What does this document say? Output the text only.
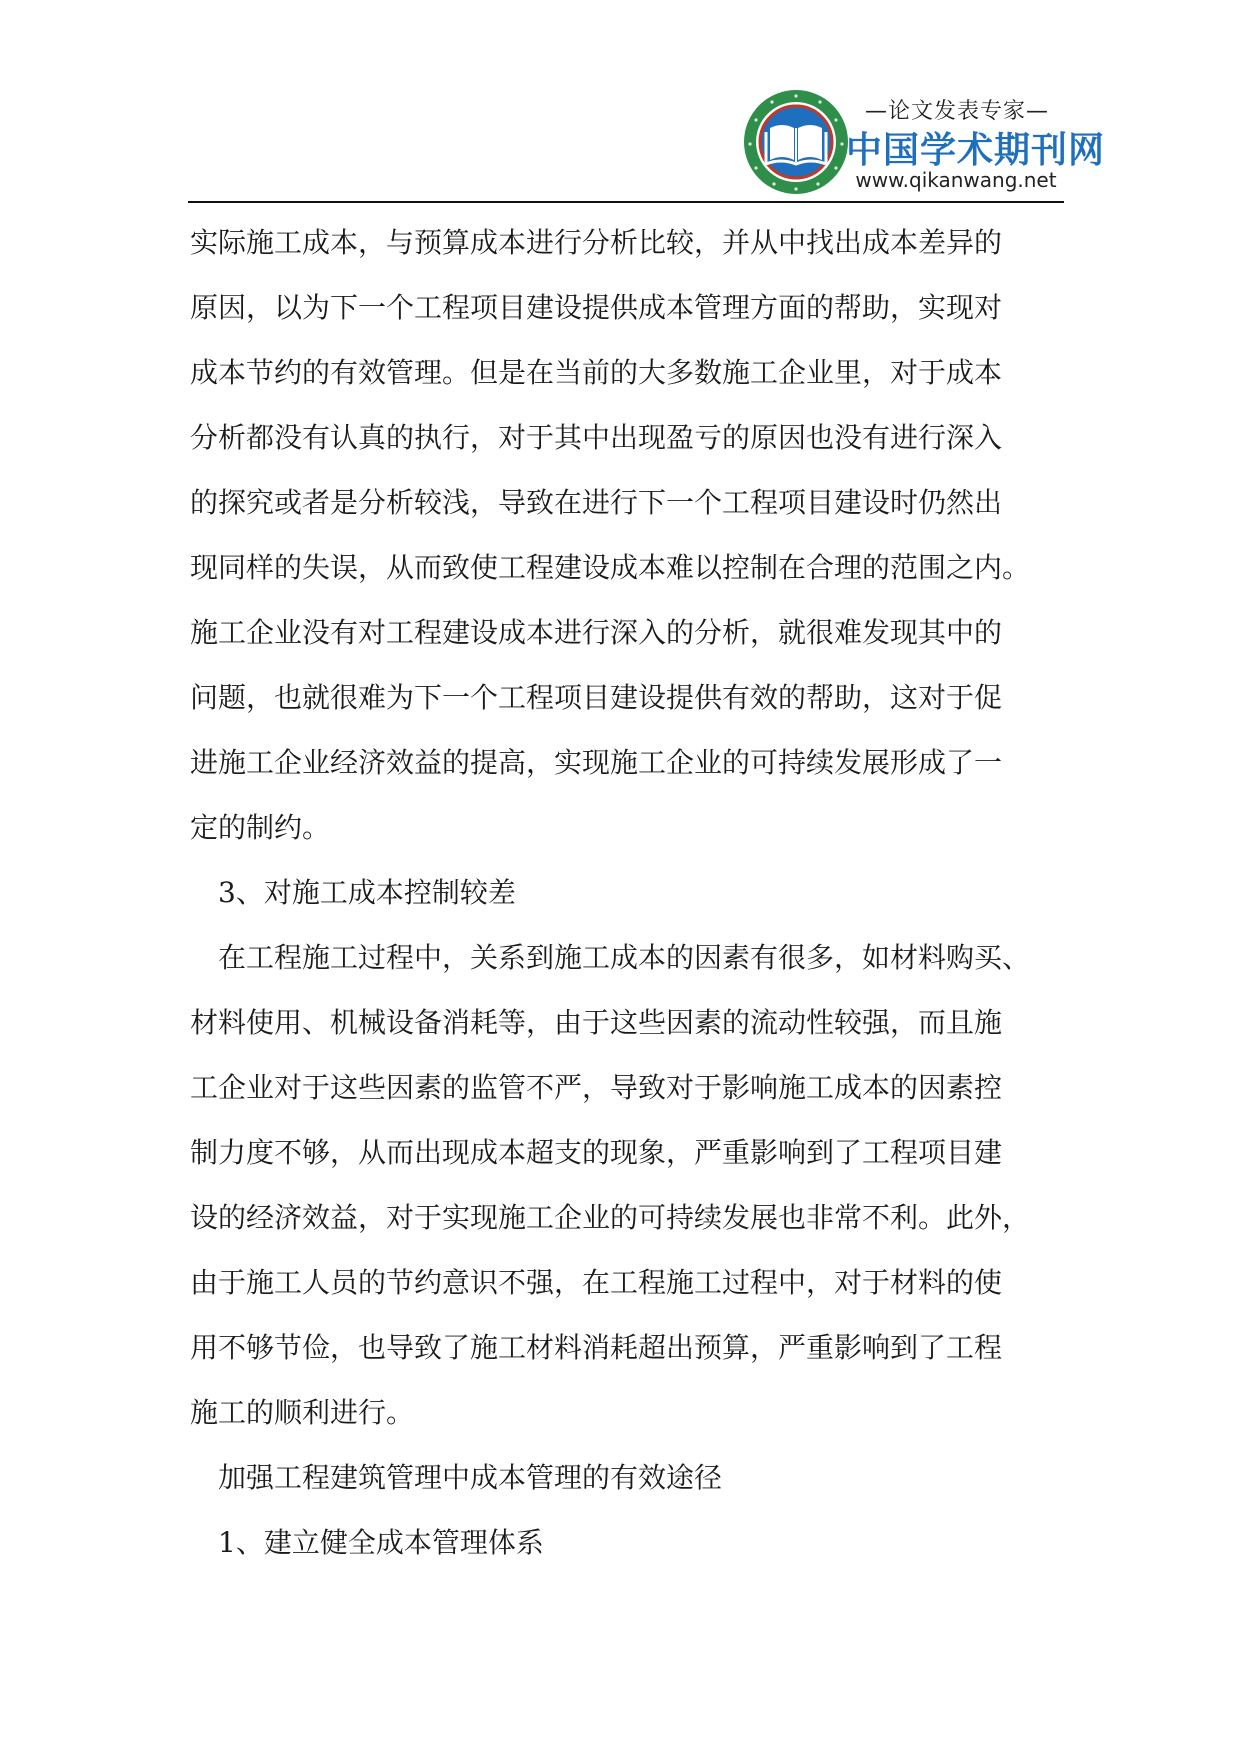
—论文发表专家—
中国学术期刊网
www.qikanwang.net
实际施工成本，与预算成本进行分析比较，并从中找出成本差异的
原因，以为下一个工程项目建设提供成本管理方面的帮助，实现对
成本节约的有效管理。但是在当前的大多数施工企业里，对于成本
分析都没有认真的执行，对于其中出现盈亏的原因也没有进行深入
的探究或者是分析较浅，导致在进行下一个工程项目建设时仍然出
现同样的失误，从而致使工程建设成本难以控制在合理的范围之内。
施工企业没有对工程建设成本进行深入的分析，就很难发现其中的
问题，也就很难为下一个工程项目建设提供有效的帮助，这对于促
进施工企业经济效益的提高，实现施工企业的可持续发展形成了一
定的制约。
3、对施工成本控制较差
在工程施工过程中，关系到施工成本的因素有很多，如材料购买、
材料使用、机械设备消耗等，由于这些因素的流动性较强，而且施
工企业对于这些因素的监管不严，导致对于影响施工成本的因素控
制力度不够，从而出现成本超支的现象，严重影响到了工程项目建
设的经济效益，对于实现施工企业的可持续发展也非常不利。此外，
由于施工人员的节约意识不强，在工程施工过程中，对于材料的使
用不够节俭，也导致了施工材料消耗超出预算，严重影响到了工程
施工的顺利进行。
加强工程建筑管理中成本管理的有效途径
1、建立健全成本管理体系
